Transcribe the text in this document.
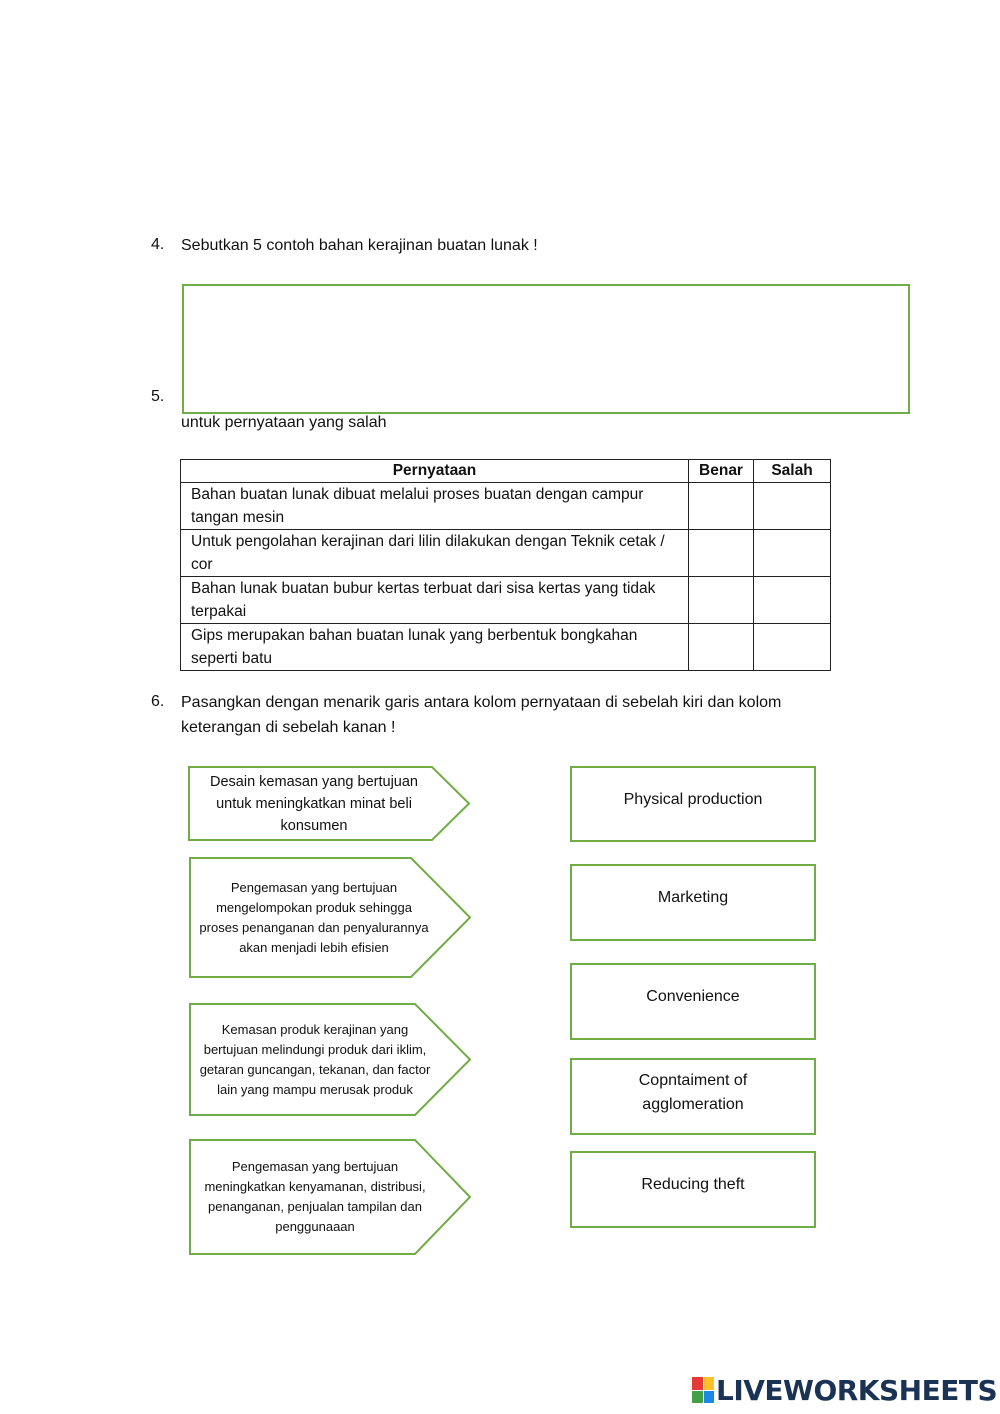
4. Sebutkan 5 contoh bahan kerajinan buatan lunak !
5.
untuk pernyataan yang salah
Pernyataan	Benar	Salah
Bahan buatan lunak dibuat melalui proses buatan dengan campur tangan mesin		
Untuk pengolahan kerajinan dari lilin dilakukan dengan Teknik cetak / cor		
Bahan lunak buatan bubur kertas terbuat dari sisa kertas yang tidak terpakai		
Gips merupakan bahan buatan lunak yang berbentuk bongkahan seperti batu		
6. Pasangkan dengan menarik garis antara kolom pernyataan di sebelah kiri dan kolom
keterangan di sebelah kanan !
Desain kemasan yang bertujuan untuk meningkatkan minat beli konsumen
Pengemasan yang bertujuan mengelompokan produk sehingga proses penanganan dan penyalurannya akan menjadi lebih efisien
Kemasan produk kerajinan yang bertujuan melindungi produk dari iklim, getaran guncangan, tekanan, dan factor lain yang mampu merusak produk
Pengemasan yang bertujuan meningkatkan kenyamanan, distribusi, penanganan, penjualan tampilan dan penggunaaan
Physical production
Marketing
Convenience
Copntaiment of agglomeration
Reducing theft
LIVEWORKSHEETS
